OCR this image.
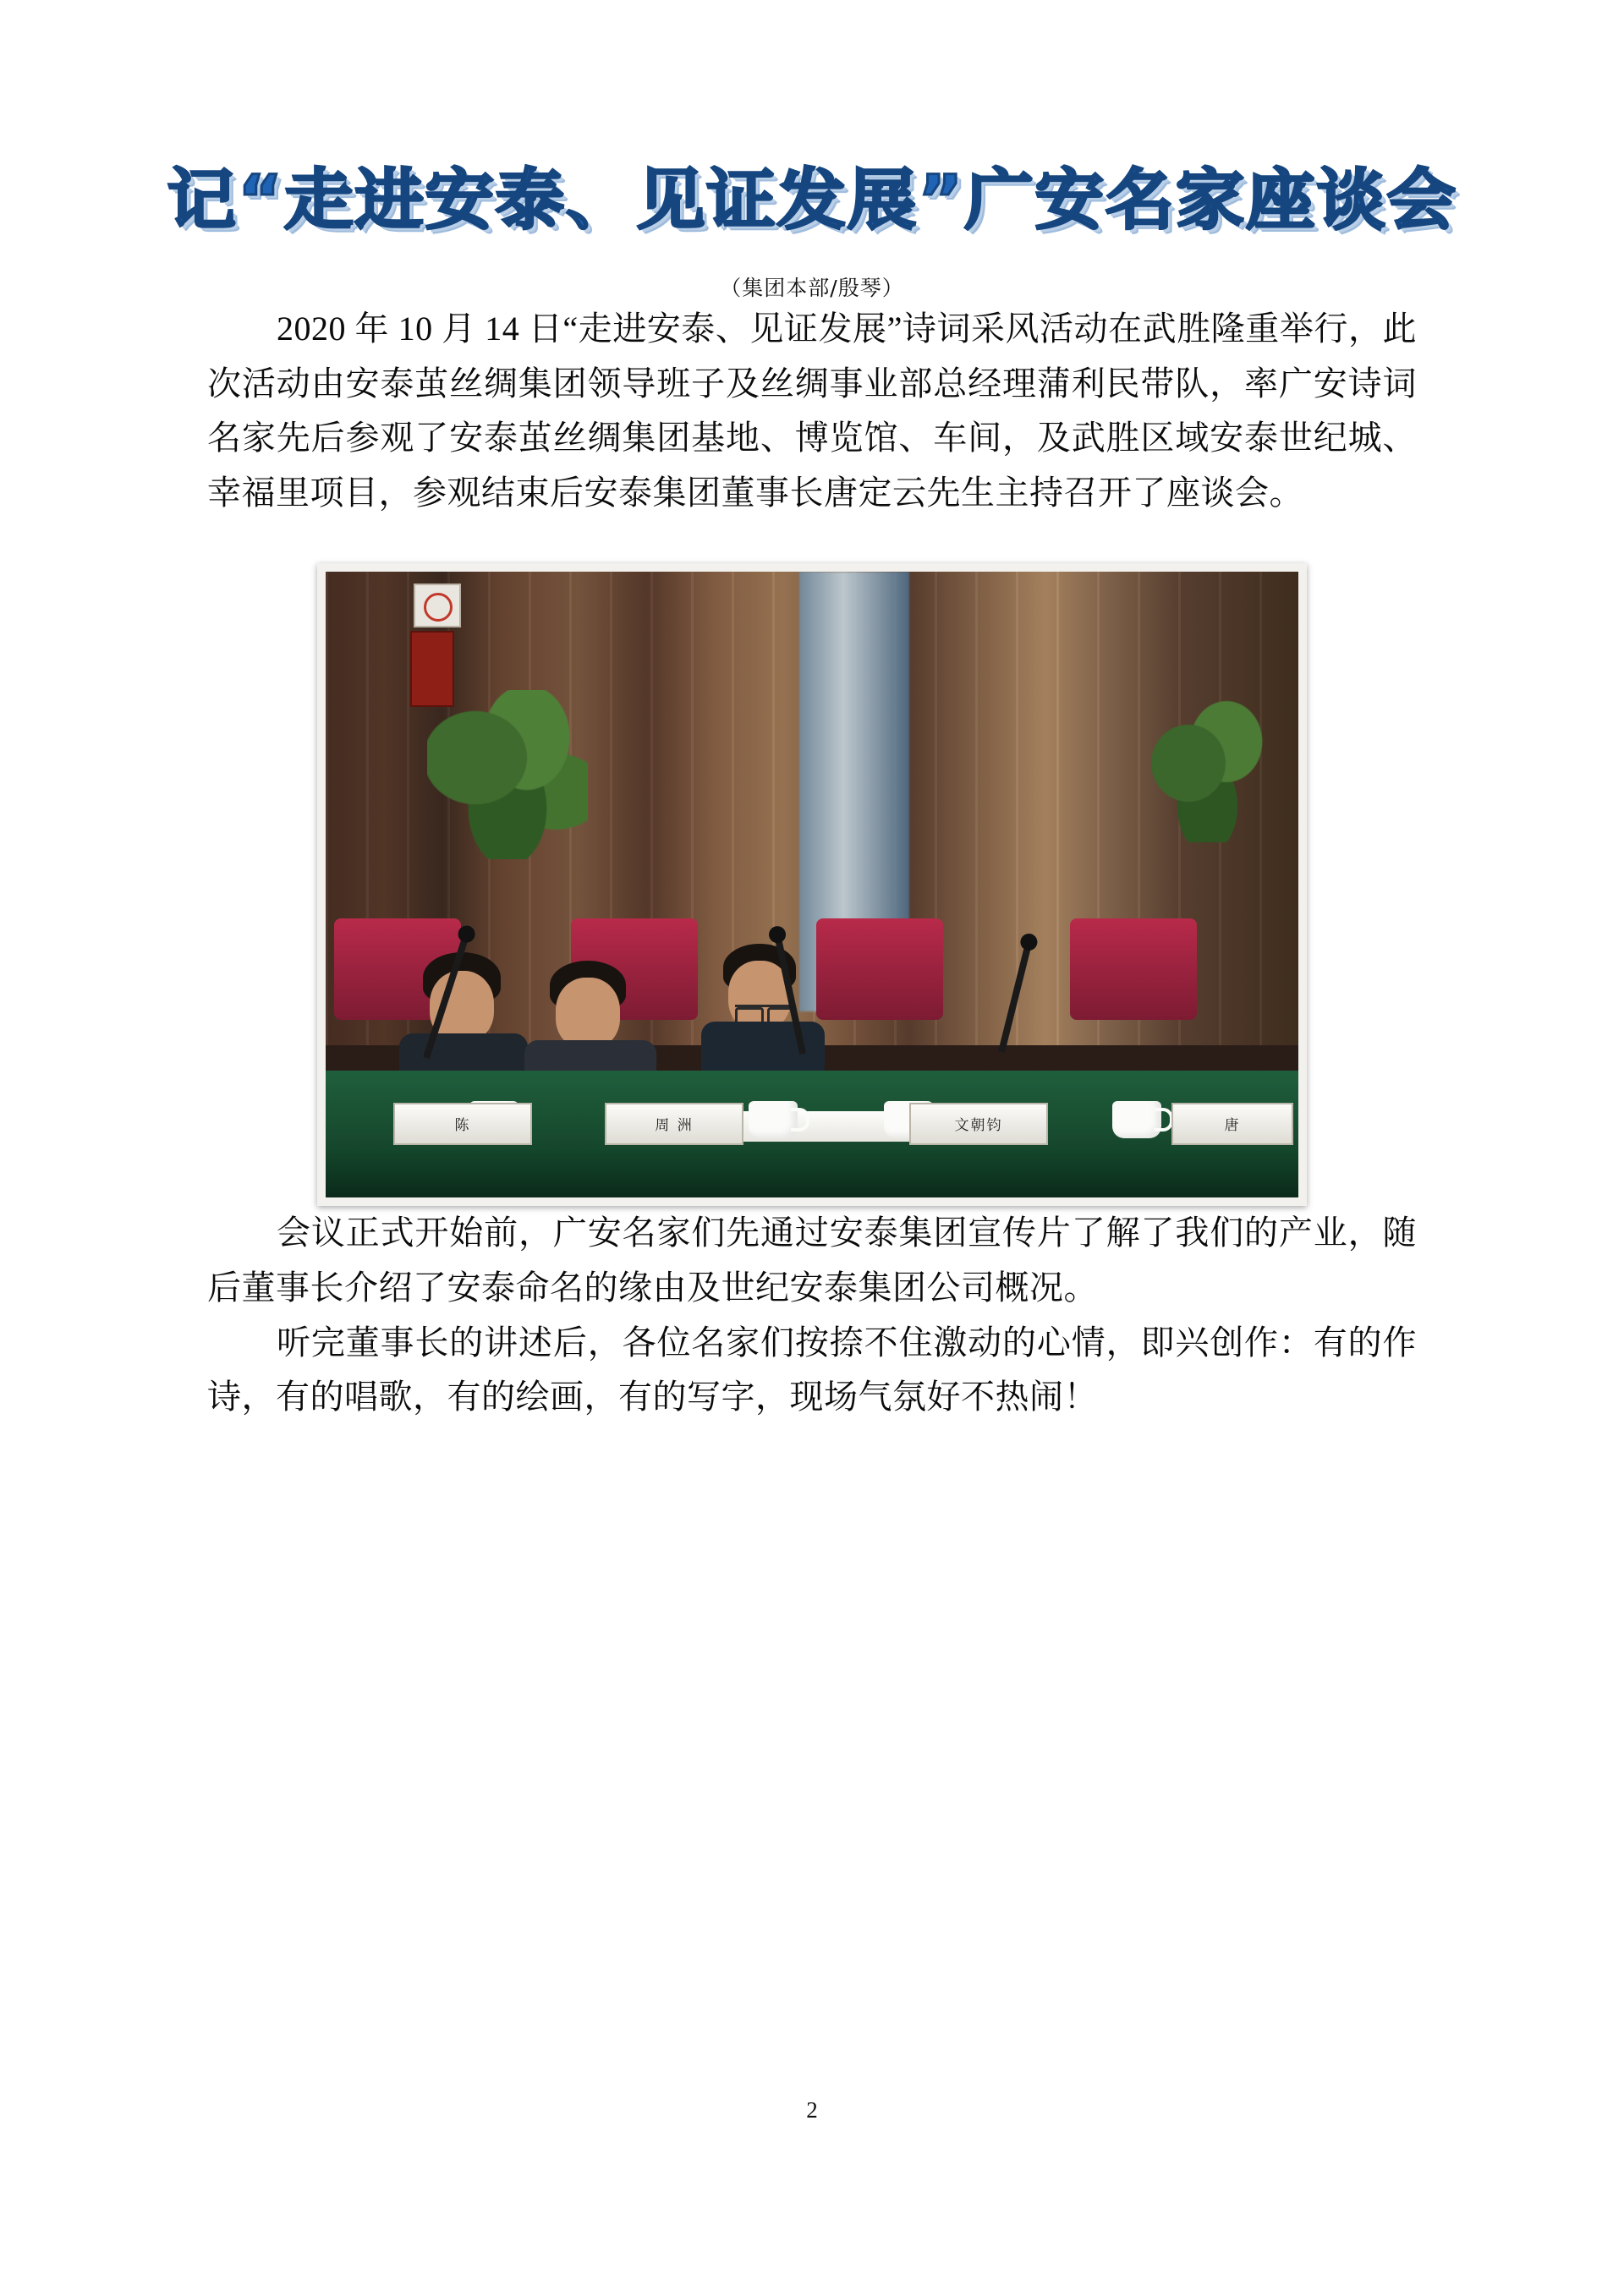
记“走进安泰、见证发展”广安名家座谈会
（集团本部/殷琴）

2020 年 10 月 14 日“走进安泰、见证发展”诗词采风活动在武胜隆重举行，此次活动由安泰茧丝绸集团领导班子及丝绸事业部总经理蒲利民带队，率广安诗词名家先后参观了安泰茧丝绸集团基地、博览馆、车间，及武胜区域安泰世纪城、幸福里项目，参观结束后安泰集团董事长唐定云先生主持召开了座谈会。

陈	周 洲	文朝钧	唐

会议正式开始前，广安名家们先通过安泰集团宣传片了解了我们的产业，随后董事长介绍了安泰命名的缘由及世纪安泰集团公司概况。

听完董事长的讲述后，各位名家们按捺不住激动的心情，即兴创作：有的作诗，有的唱歌，有的绘画，有的写字，现场气氛好不热闹！

2
